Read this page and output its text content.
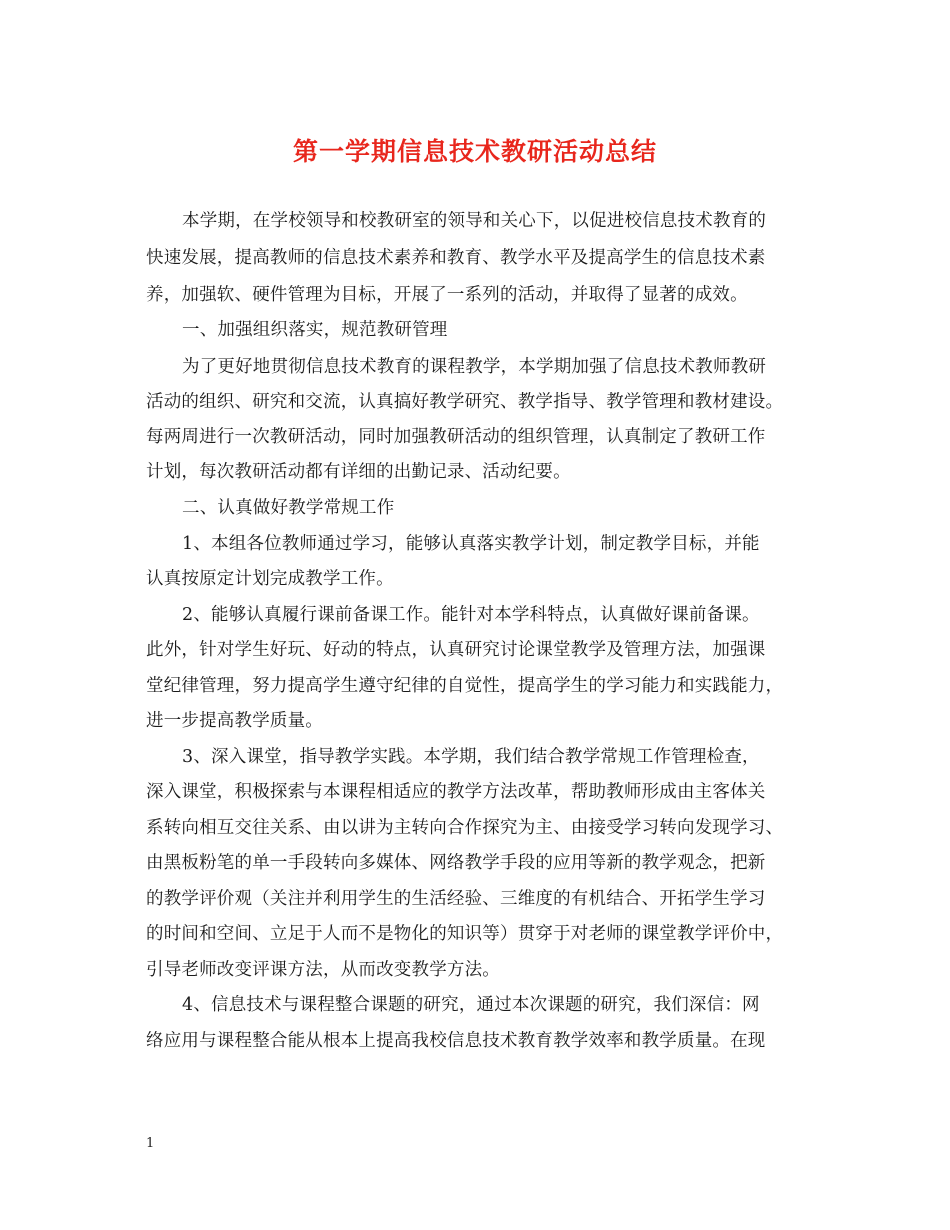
第一学期信息技术教研活动总结
本学期，在学校领导和校教研室的领导和关心下，以促进校信息技术教育的
快速发展，提高教师的信息技术素养和教育、教学水平及提高学生的信息技术素
养，加强软、硬件管理为目标，开展了一系列的活动，并取得了显著的成效。
一、加强组织落实，规范教研管理
为了更好地贯彻信息技术教育的课程教学，本学期加强了信息技术教师教研
活动的组织、研究和交流，认真搞好教学研究、教学指导、教学管理和教材建设。
每两周进行一次教研活动，同时加强教研活动的组织管理，认真制定了教研工作
计划，每次教研活动都有详细的出勤记录、活动纪要。
二、认真做好教学常规工作
1、本组各位教师通过学习，能够认真落实教学计划，制定教学目标，并能
认真按原定计划完成教学工作。
2、能够认真履行课前备课工作。能针对本学科特点，认真做好课前备课。
此外，针对学生好玩、好动的特点，认真研究讨论课堂教学及管理方法，加强课
堂纪律管理，努力提高学生遵守纪律的自觉性，提高学生的学习能力和实践能力，
进一步提高教学质量。
3、深入课堂，指导教学实践。本学期，我们结合教学常规工作管理检查，
深入课堂，积极探索与本课程相适应的教学方法改革，帮助教师形成由主客体关
系转向相互交往关系、由以讲为主转向合作探究为主、由接受学习转向发现学习、
由黑板粉笔的单一手段转向多媒体、网络教学手段的应用等新的教学观念，把新
的教学评价观（关注并利用学生的生活经验、三维度的有机结合、开拓学生学习
的时间和空间、立足于人而不是物化的知识等）贯穿于对老师的课堂教学评价中，
引导老师改变评课方法，从而改变教学方法。
4、信息技术与课程整合课题的研究，通过本次课题的研究，我们深信：网
络应用与课程整合能从根本上提高我校信息技术教育教学效率和教学质量。在现
1
